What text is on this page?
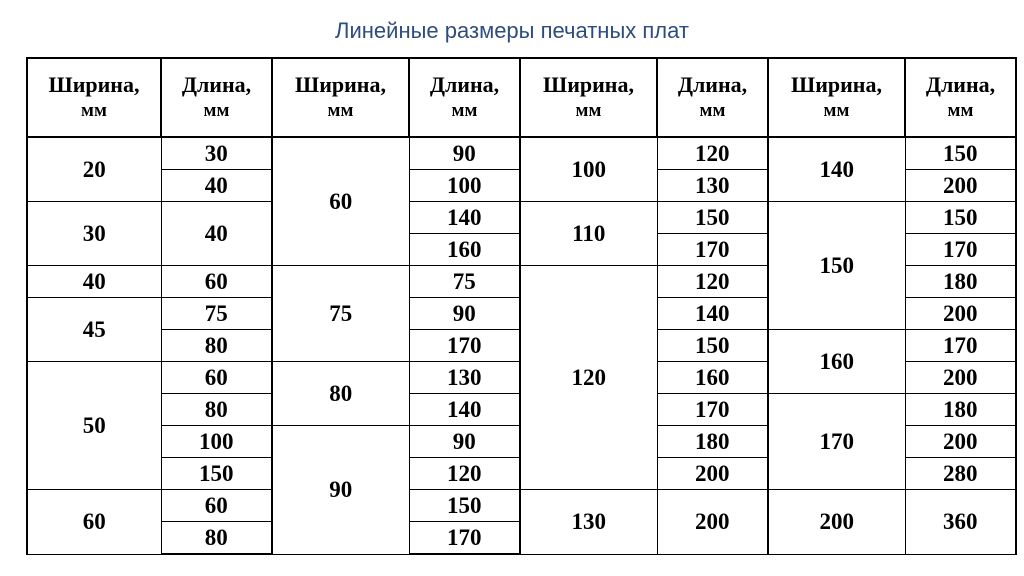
Линейные размеры печатных плат
Ширина,
мм	Длина,
мм	Ширина,
мм	Длина,
мм	Ширина,
мм	Длина,
мм	Ширина,
мм	Длина,
мм
20	30	60	90	100	120	140	150
	40		100		130		200
30	40		140	110	150	150	150
			160		170		170
40	60	75	75	120	120		180
45	75		90		140		200
	80		170		150	160	170
50	60	80	130		160		200
	80		140		170	170	180
	100	90	90		180		200
	150		120		200		280
60	60		150	130	200	200	360
	80		170				
